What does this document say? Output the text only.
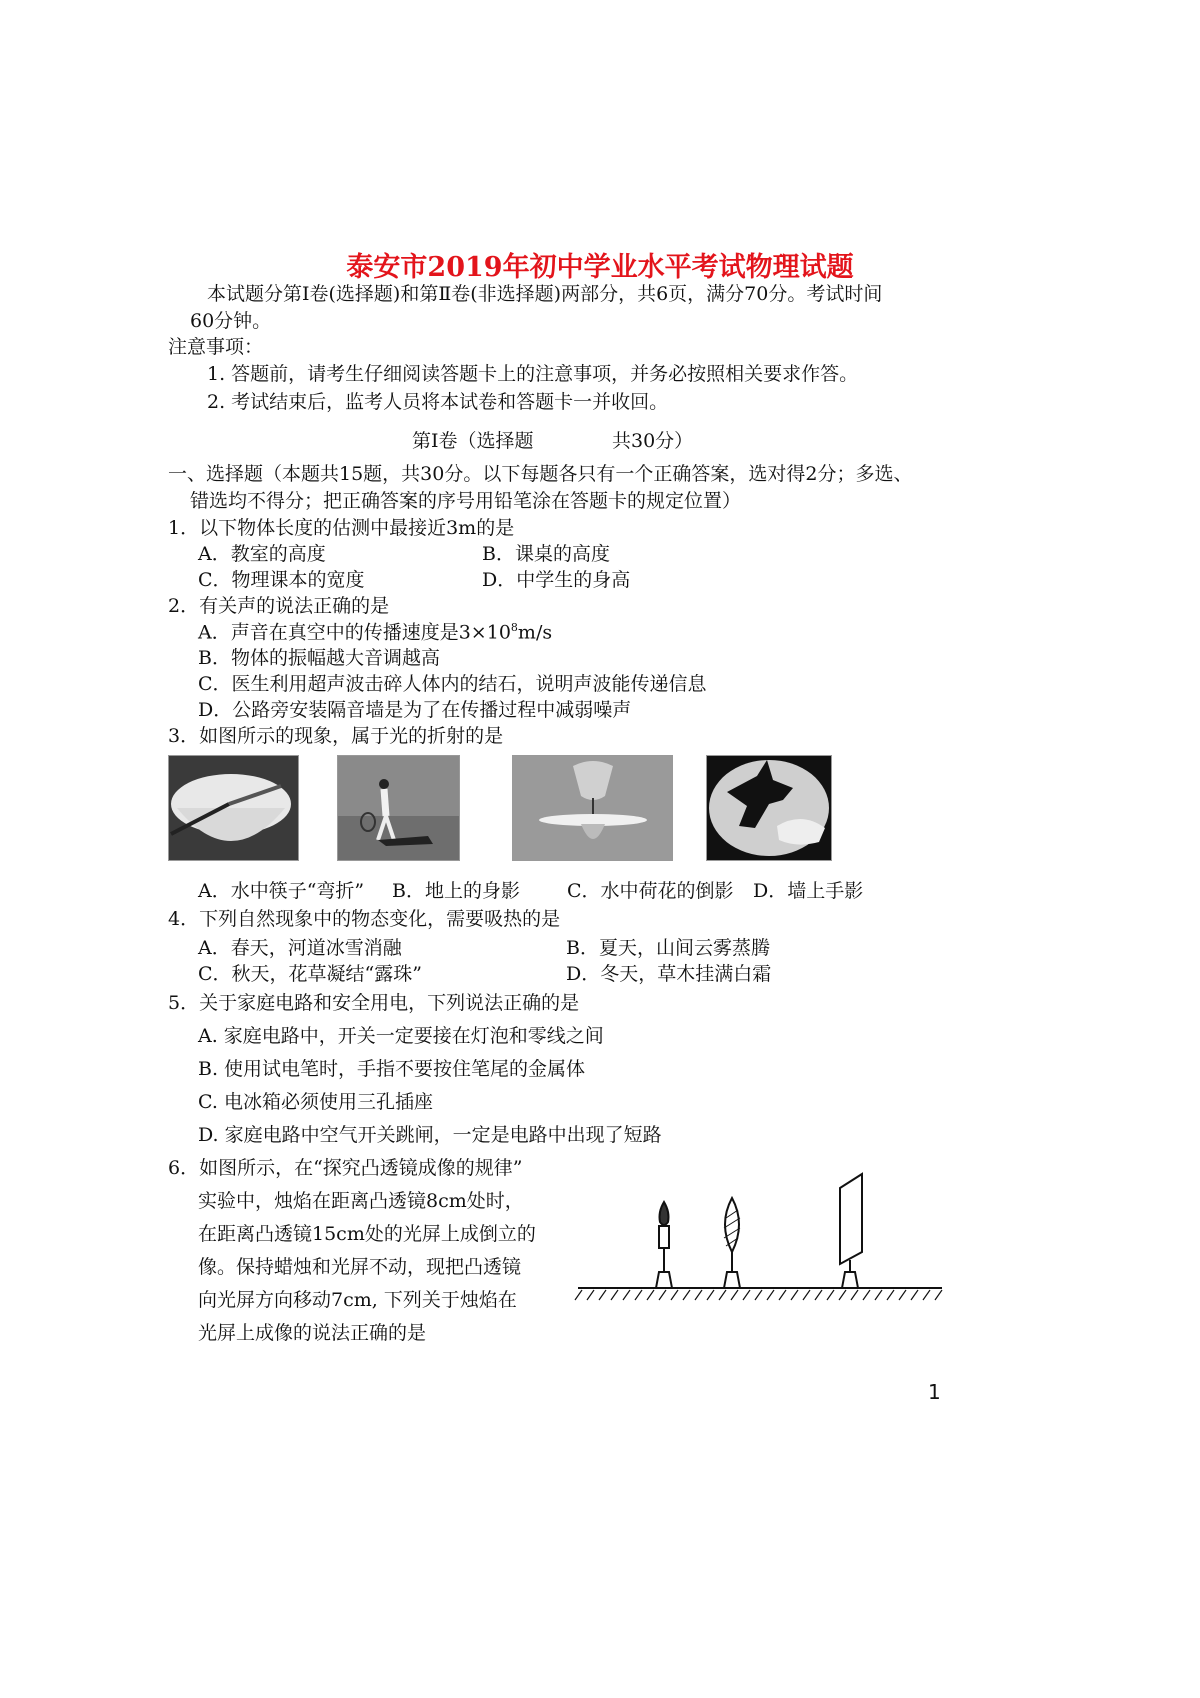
泰安市2019年初中学业水平考试物理试题
本试题分第Ⅰ卷(选择题)和第Ⅱ卷(非选择题)两部分，共6页，满分70分。考试时间
60分钟。
注意事项：
1. 答题前，请考生仔细阅读答题卡上的注意事项，并务必按照相关要求作答。
2. 考试结束后，监考人员将本试卷和答题卡一并收回。
第Ⅰ卷（选择题	共30分）
一、选择题（本题共15题，共30分。以下每题各只有一个正确答案，选对得2分；多选、
错选均不得分；把正确答案的序号用铅笔涂在答题卡的规定位置）
1．以下物体长度的估测中最接近3m的是
A．教室的高度	B．课桌的高度
C．物理课本的宽度	D．中学生的身高
2．有关声的说法正确的是
A．声音在真空中的传播速度是$3\times 10^8m/s$
B．物体的振幅越大音调越高
C．医生利用超声波击碎人体内的结石，说明声波能传递信息
D．公路旁安装隔音墙是为了在传播过程中减弱噪声
3．如图所示的现象，属于光的折射的是
A．水中筷子“弯折” B．地上的身影 C．水中荷花的倒影 D．墙上手影
4．下列自然现象中的物态变化，需要吸热的是
A．春天，河道冰雪消融	B．夏天，山间云雾蒸腾
C．秋天，花草凝结“露珠”	D．冬天，草木挂满白霜
5．关于家庭电路和安全用电，下列说法正确的是
A. 家庭电路中，开关一定要接在灯泡和零线之间
B. 使用试电笔时，手指不要按住笔尾的金属体
C. 电冰箱必须使用三孔插座
D. 家庭电路中空气开关跳闸，一定是电路中出现了短路
6．如图所示，在“探究凸透镜成像的规律”
实验中，烛焰在距离凸透镜8cm处时，
在距离凸透镜15cm处的光屏上成倒立的
像。保持蜡烛和光屏不动，现把凸透镜
向光屏方向移动7cm, 下列关于烛焰在
光屏上成像的说法正确的是
1
